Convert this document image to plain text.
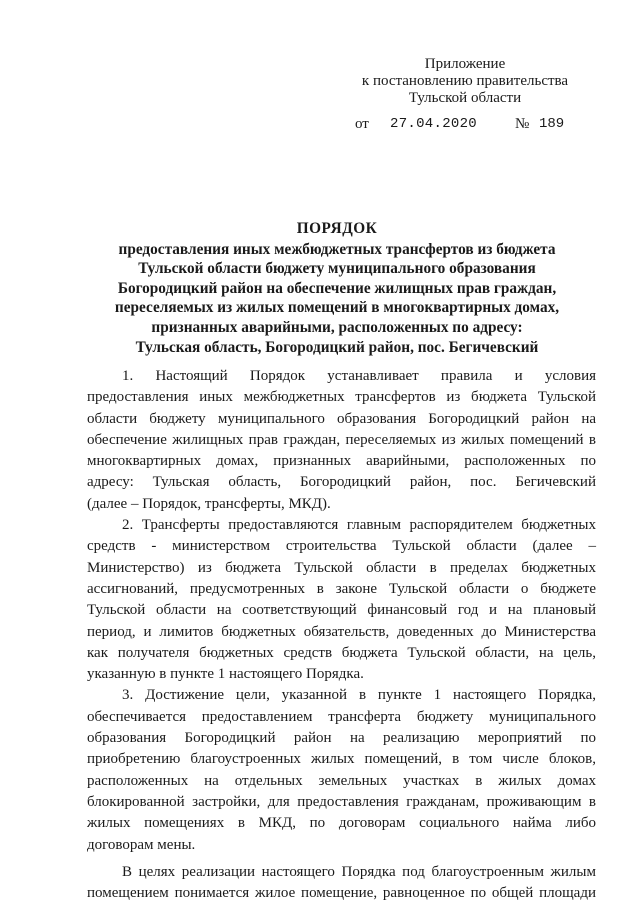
Приложение
к постановлению правительства
Тульской области
от 27.04.2020	№ 189
ПОРЯДОК
предоставления иных межбюджетных трансфертов из бюджета
Тульской области бюджету муниципального образования
Богородицкий район на обеспечение жилищных прав граждан,
переселяемых из жилых помещений в многоквартирных домах,
признанных аварийными, расположенных по адресу:
Тульская область, Богородицкий район, пос. Бегичевский
1. Настоящий Порядок устанавливает правила и условия
предоставления иных межбюджетных трансфертов из бюджета Тульской
области бюджету муниципального образования Богородицкий район на
обеспечение жилищных прав граждан, переселяемых из жилых помещений в
многоквартирных домах, признанных аварийными, расположенных по
адресу: Тульская область, Богородицкий район, пос. Бегичевский
(далее – Порядок, трансферты, МКД).
2. Трансферты предоставляются главным распорядителем бюджетных
средств - министерством строительства Тульской области (далее –
Министерство) из бюджета Тульской области в пределах бюджетных
ассигнований, предусмотренных в законе Тульской области о бюджете
Тульской области на соответствующий финансовый год и на плановый
период, и лимитов бюджетных обязательств, доведенных до Министерства
как получателя бюджетных средств бюджета Тульской области, на цель,
указанную в пункте 1 настоящего Порядка.
3. Достижение цели, указанной в пункте 1 настоящего Порядка,
обеспечивается предоставлением трансферта бюджету муниципального
образования Богородицкий район на реализацию мероприятий по
приобретению благоустроенных жилых помещений, в том числе блоков,
расположенных на отдельных земельных участках в жилых домах
блокированной застройки, для предоставления гражданам, проживающим в
жилых помещениях в МКД, по договорам социального найма либо
договорам мены.
В целях реализации настоящего Порядка под благоустроенным жилым
помещением понимается жилое помещение, равноценное по общей площади
